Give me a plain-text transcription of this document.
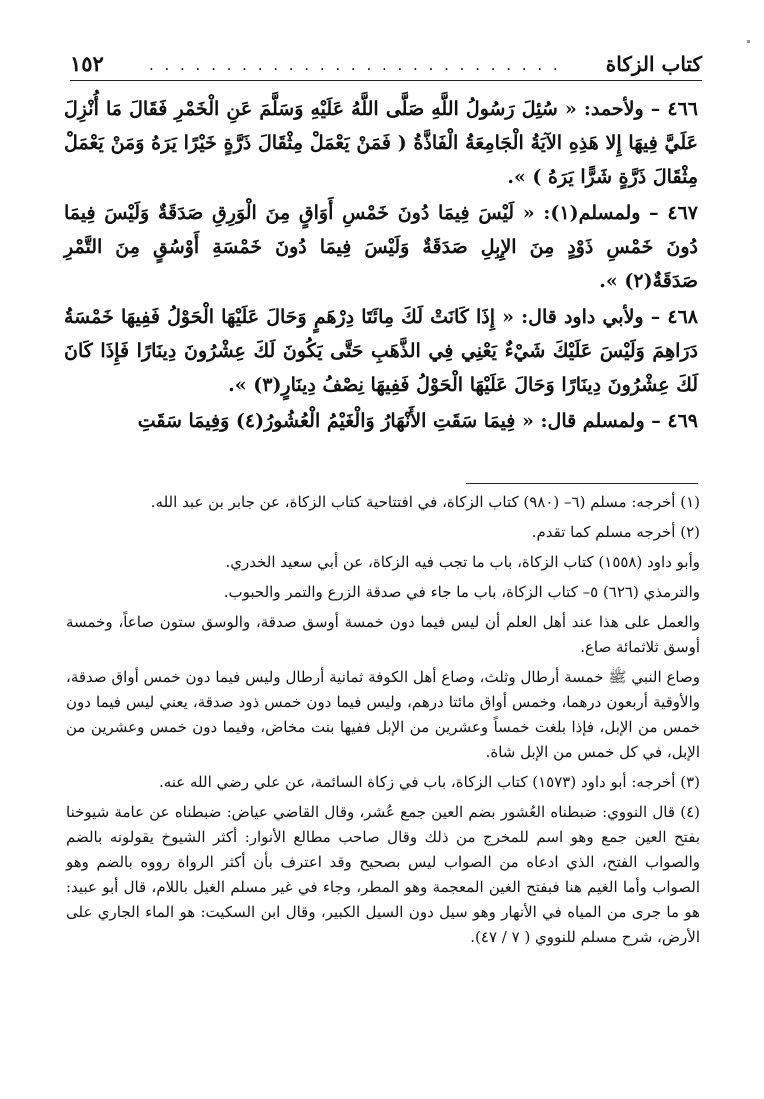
كتاب الزكاة
. . . . . . . . . . . . . . . . . . . . . . . . . . .
١٥٢

٤٦٦ – ولأحمد: « سُئِلَ رَسُولُ اللَّهِ صَلَّى اللَّهُ عَلَيْهِ وَسَلَّمَ عَنِ الْخَمْرِ فَقَالَ مَا أُنْزِلَ عَلَيَّ فِيهَا إِلا هَذِهِ الآيَةُ الْجَامِعَةُ الْفَاذَّةُ ( فَمَنْ يَعْمَلْ مِثْقَالَ ذَرَّةٍ خَيْرًا يَرَهُ وَمَنْ يَعْمَلْ مِثْقَالَ ذَرَّةٍ شَرًّا يَرَهُ ) ».

٤٦٧ – ولمسلم(١): « لَيْسَ فِيمَا دُونَ خَمْسِ أَوَاقٍ مِنَ الْوَرِقِ صَدَقَةٌ وَلَيْسَ فِيمَا دُونَ خَمْسِ ذَوْدٍ مِنَ الإِبِلِ صَدَقَةٌ وَلَيْسَ فِيمَا دُونَ خَمْسَةِ أَوْسُقٍ مِنَ التَّمْرِ صَدَقَةٌ(٢) ».

٤٦٨ – ولأبي داود قال: « إِذَا كَانَتْ لَكَ مِائَتَا دِرْهَمٍ وَحَالَ عَلَيْهَا الْحَوْلُ فَفِيهَا خَمْسَةُ دَرَاهِمَ وَلَيْسَ عَلَيْكَ شَيْءٌ يَعْنِي فِي الذَّهَبِ حَتَّى يَكُونَ لَكَ عِشْرُونَ دِينَارًا فَإِذَا كَانَ لَكَ عِشْرُونَ دِينَارًا وَحَالَ عَلَيْهَا الْحَوْلُ فَفِيهَا نِصْفُ دِينَارٍ(٣) ».

٤٦٩ – ولمسلم قال: « فِيمَا سَقَتِ الأَنْهَارُ وَالْغَيْمُ الْعُشُورُ(٤) وَفِيمَا سَقَتِ

(١) أخرجه: مسلم (٦– (٩٨٠) كتاب الزكاة، في افتتاحية كتاب الزكاة، عن جابر بن عبد الله.

(٢) أخرجه مسلم كما تقدم.

وأبو داود (١٥٥٨) كتاب الزكاة، باب ما تجب فيه الزكاة، عن أبي سعيد الخدري.

والترمذي (٦٢٦) ٥– كتاب الزكاة، باب ما جاء في صدقة الزرع والتمر والحبوب.

والعمل على هذا عند أهل العلم أن ليس فيما دون خمسة أوسق صدقة، والوسق ستون صاعاً، وخمسة أوسق ثلاثمائة صاع.

وصاع النبي ﷺ خمسة أرطال وثلث، وصاع أهل الكوفة ثمانية أرطال وليس فيما دون خمس أواق صدقة، والأوقية أربعون درهما، وخمس أواق مائتا درهم، وليس فيما دون خمس ذود صدقة، يعني ليس فيما دون خمس من الإبل، فإذا بلغت خمساً وعشرين من الإبل ففيها بنت مخاض، وفيما دون خمس وعشرين من الإبل، في كل خمس من الإبل شاة.

(٣) أخرجه: أبو داود (١٥٧٣) كتاب الزكاة، باب في زكاة السائمة، عن علي رضي الله عنه.

(٤) قال النووي: ضبطناه العُشور بضم العين جمع عُشر، وقال القاضي عياض: ضبطناه عن عامة شيوخنا بفتح العين جمع وهو اسم للمخرج من ذلك وقال صاحب مطالع الأنوار: أكثر الشيوخ يقولونه بالضم والصواب الفتح، الذي ادعاه من الصواب ليس بصحيح وقد اعترف بأن أكثر الرواة رووه بالضم وهو الصواب وأما الغيم هنا فبفتح الغين المعجمة وهو المطر، وجاء في غير مسلم الغيل باللام، قال أبو عبيد: هو ما جرى من المياه في الأنهار وهو سيل دون السيل الكبير، وقال ابن السكيت: هو الماء الجاري على الأرض، شرح مسلم للنووي ( ٧ / ٤٧).
